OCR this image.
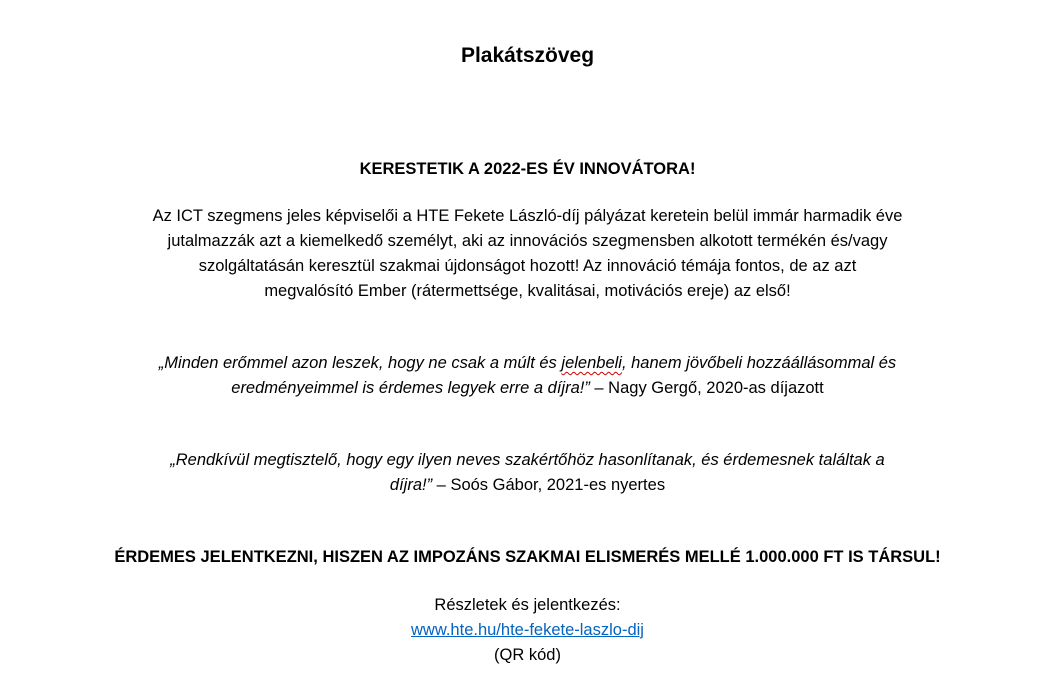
Plakátszöveg
KERESTETIK A 2022-ES ÉV INNOVÁTORA!
Az ICT szegmens jeles képviselői a HTE Fekete László-díj pályázat keretein belül immár harmadik éve
jutalmazzák azt a kiemelkedő személyt, aki az innovációs szegmensben alkotott termékén és/vagy
szolgáltatásán keresztül szakmai újdonságot hozott! Az innováció témája fontos, de az azt
megvalósító Ember (rátermettsége, kvalitásai, motivációs ereje) az első!
„Minden erőmmel azon leszek, hogy ne csak a múlt és jelenbeli, hanem jövőbeli hozzáállásommal és
eredményeimmel is érdemes legyek erre a díjra!” – Nagy Gergő, 2020-as díjazott
„Rendkívül megtisztelő, hogy egy ilyen neves szakértőhöz hasonlítanak, és érdemesnek találtak a
díjra!” – Soós Gábor, 2021-es nyertes
ÉRDEMES JELENTKEZNI, HISZEN AZ IMPOZÁNS SZAKMAI ELISMERÉS MELLÉ 1.000.000 FT IS TÁRSUL!
Részletek és jelentkezés:
www.hte.hu/hte-fekete-laszlo-dij
(QR kód)
